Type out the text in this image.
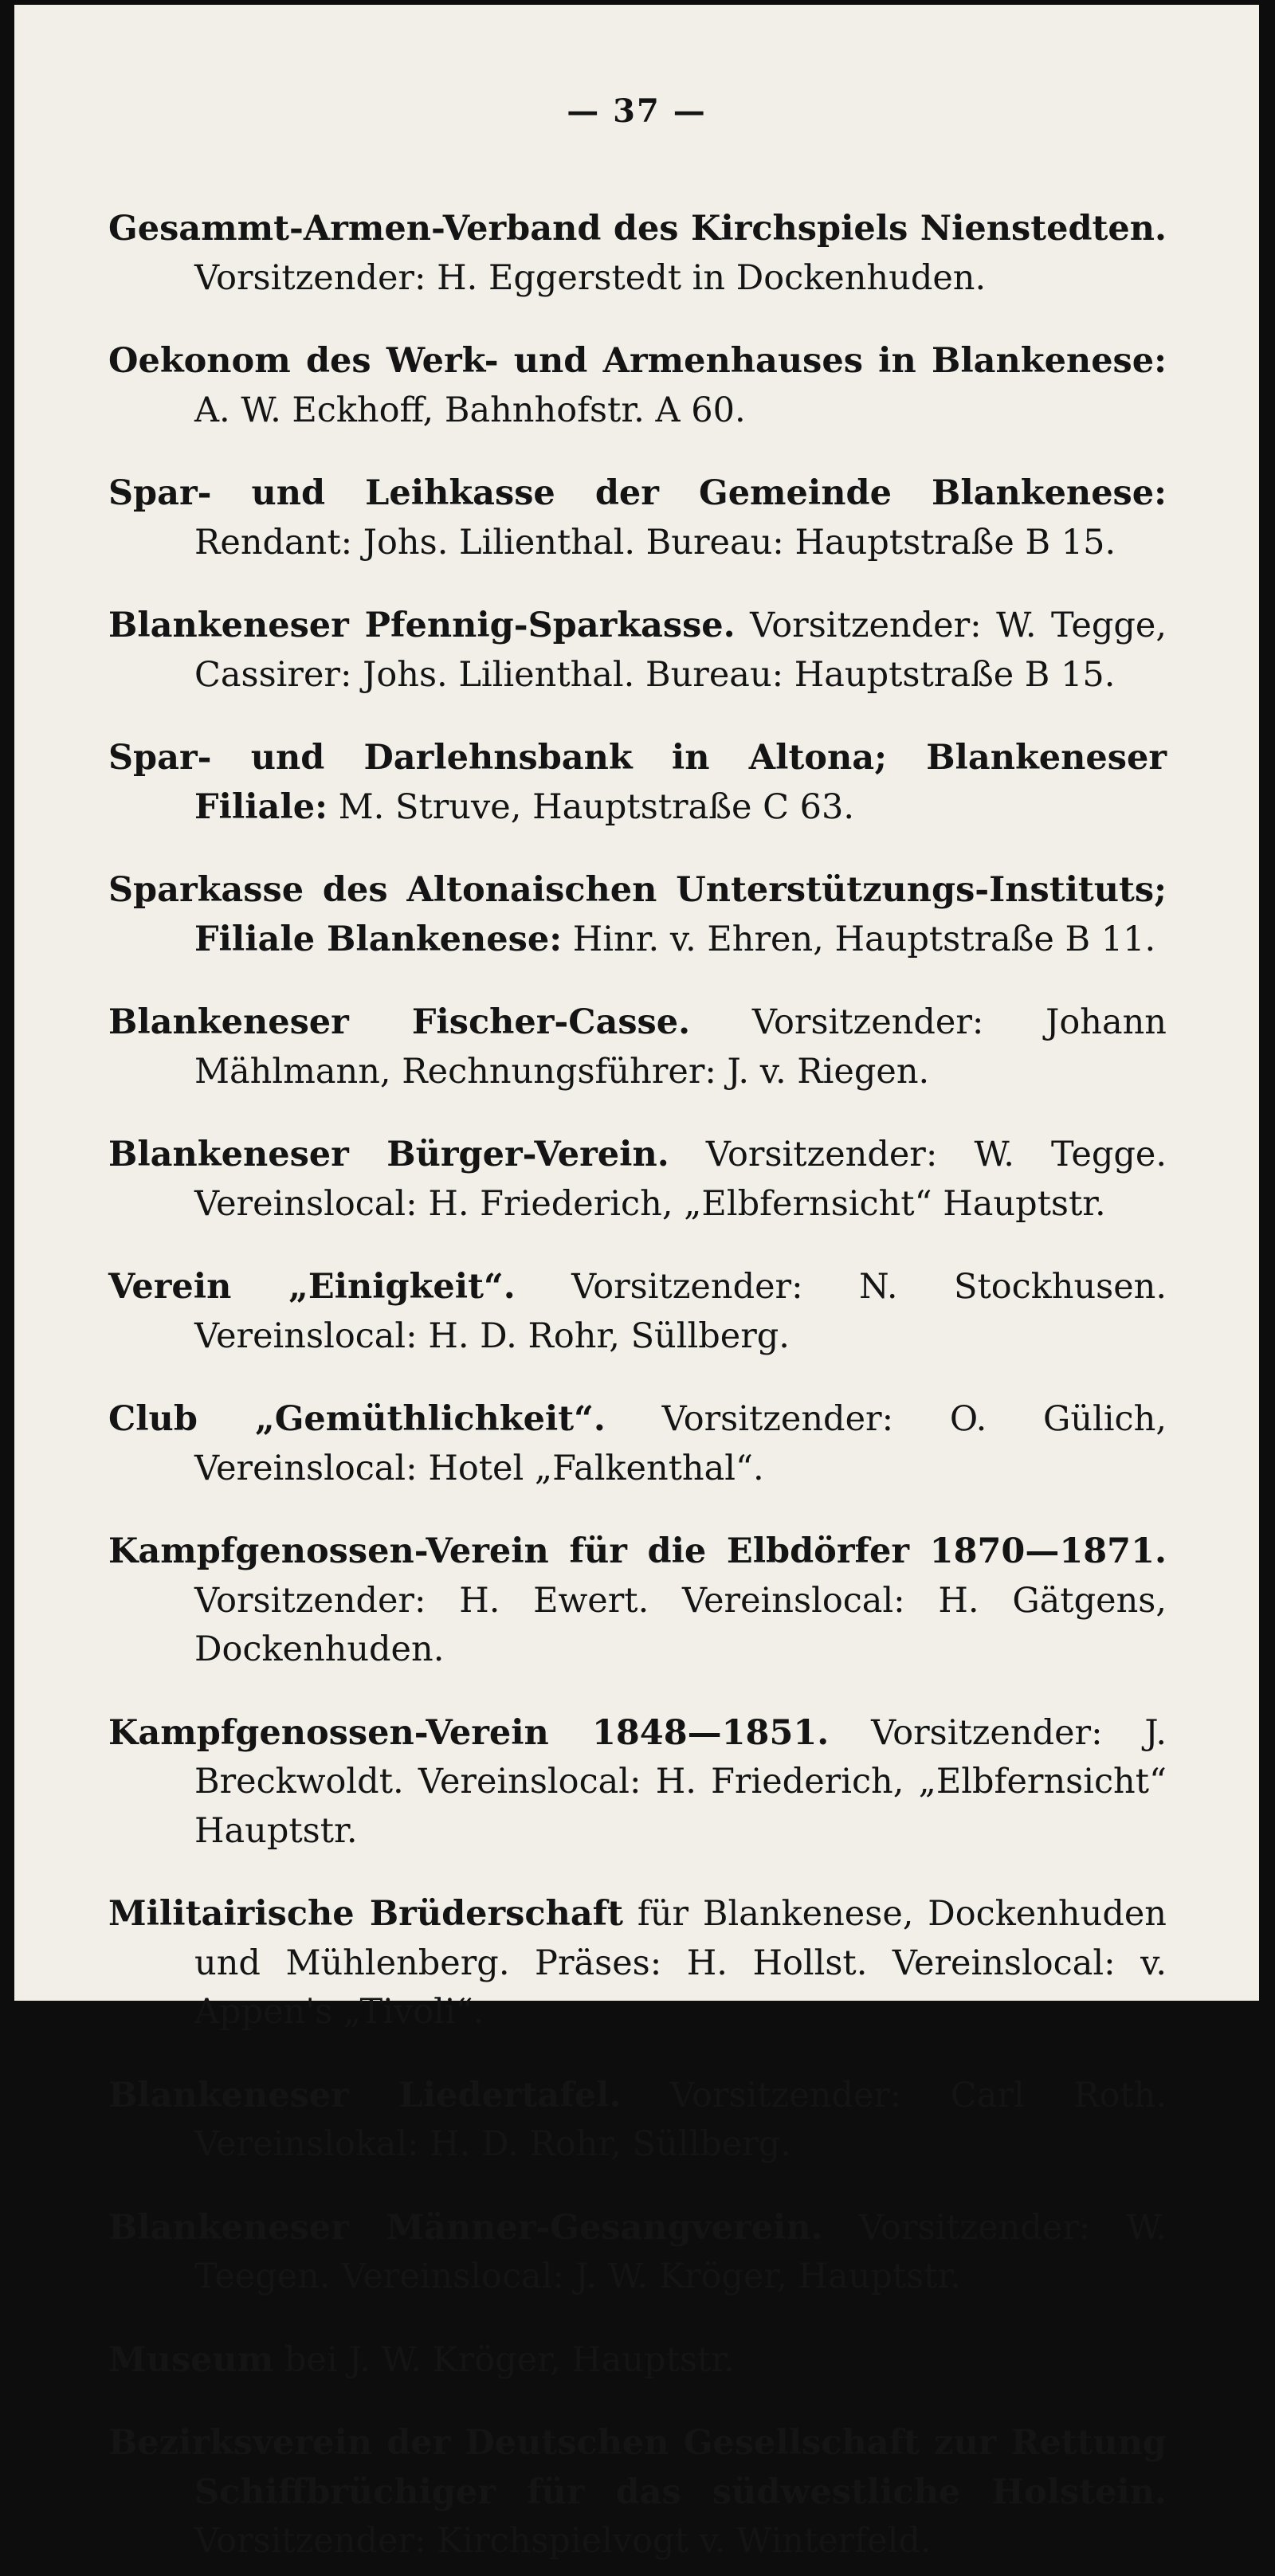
— 37 —

Gesammt-Armen-Verband des Kirchspiels Nienstedten. Vorsitzender: H. Eggerstedt in Dockenhuden.

Oekonom des Werk- und Armenhauses in Blankenese: A. W. Eckhoff, Bahnhofstr. A 60.

Spar- und Leihkasse der Gemeinde Blankenese: Rendant: Johs. Lilienthal. Bureau: Hauptstraße B 15.

Blankeneser Pfennig-Sparkasse. Vorsitzender: W. Tegge, Cassirer: Johs. Lilienthal. Bureau: Hauptstraße B 15.

Spar- und Darlehnsbank in Altona; Blankeneser Filiale: M. Struve, Hauptstraße C 63.

Sparkasse des Altonaischen Unterstützungs-Instituts; Filiale Blankenese: Hinr. v. Ehren, Hauptstraße B 11.

Blankeneser Fischer-Casse. Vorsitzender: Johann Mählmann, Rechnungsführer: J. v. Riegen.

Blankeneser Bürger-Verein. Vorsitzender: W. Tegge. Vereinslocal: H. Friederich, „Elbfernsicht“ Hauptstr.

Verein „Einigkeit“. Vorsitzender: N. Stockhusen. Vereinslocal: H. D. Rohr, Süllberg.

Club „Gemüthlichkeit“. Vorsitzender: O. Gülich, Vereinslocal: Hotel „Falkenthal“.

Kampfgenossen-Verein für die Elbdörfer 1870—1871. Vorsitzender: H. Ewert. Vereinslocal: H. Gätgens, Dockenhuden.

Kampfgenossen-Verein 1848—1851. Vorsitzender: J. Breckwoldt. Vereinslocal: H. Friederich, „Elbfernsicht“ Hauptstr.

Militairische Brüderschaft für Blankenese, Dockenhuden und Mühlenberg. Präses: H. Hollst. Vereinslocal: v. Appen's „Tivoli“.

Blankeneser Liedertafel. Vorsitzender: Carl Roth. Vereinslokal: H. D. Rohr, Süllberg.

Blankeneser Männer-Gesangverein. Vorsitzender: W. Teegen. Vereinslocal: J. W. Kröger, Hauptstr.

Museum bei J. W. Kröger, Hauptstr.

Bezirksverein der Deutschen Gesellschaft zur Rettung Schiffbrüchiger für das südwestliche Holstein. Vorsitzender: Kirchspielvogt v. Winterfeld.
